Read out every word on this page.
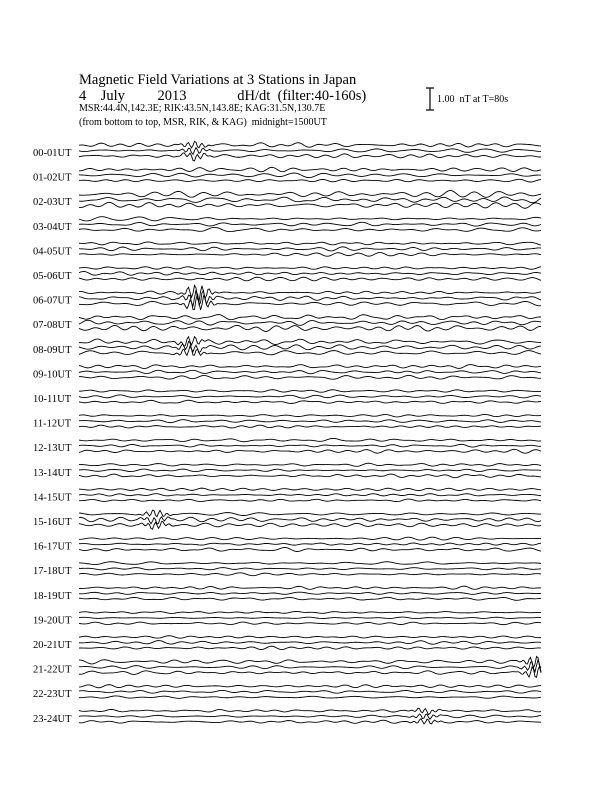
Magnetic Field Variations at 3 Stations in Japan
4 July 2013	dH/dt (filter:40-160s)
MSR:44.4N,142.3E; RIK:43.5N,143.8E; KAG:31.5N,130.7E
(from bottom to top, MSR, RIK, & KAG)  midnight=1500UT
1.00  nT at T=80s
00-01UT
01-02UT
02-03UT
03-04UT
04-05UT
05-06UT
06-07UT
07-08UT
08-09UT
09-10UT
10-11UT
11-12UT
12-13UT
13-14UT
14-15UT
15-16UT
16-17UT
17-18UT
18-19UT
19-20UT
20-21UT
21-22UT
22-23UT
23-24UT
